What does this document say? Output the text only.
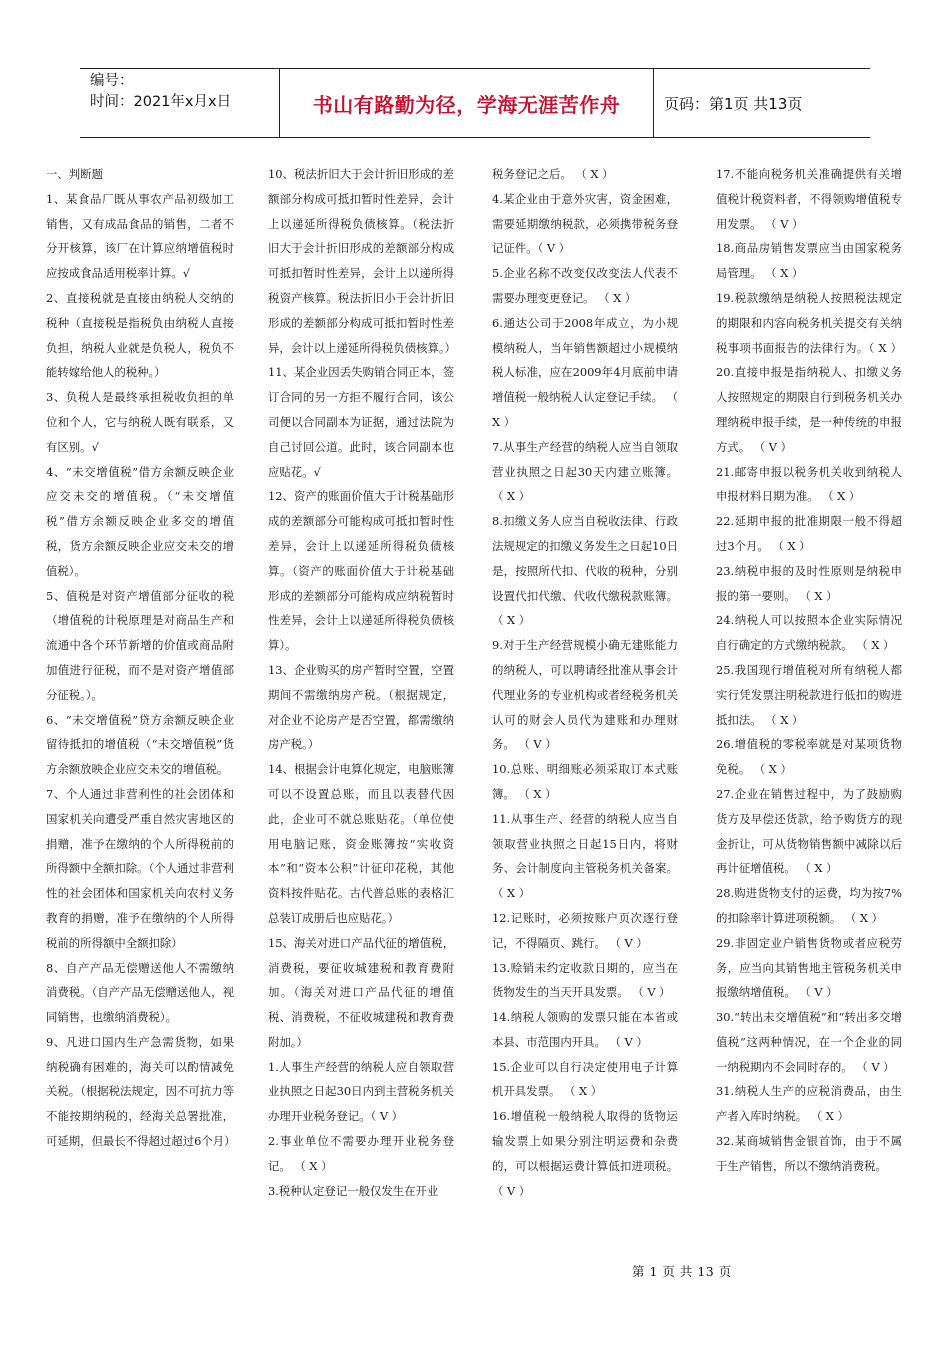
编号：
时间：2021年x月x日	书山有路勤为径，学海无涯苦作舟	页码：第1页 共13页

一、判断题

1、某食品厂既从事农产品初级加工销售，又有成品食品的销售，二者不分开核算，该厂在计算应纳增值税时应按成食品适用税率计算。√

2、直接税就是直接由纳税人交纳的税种（直接税是指税负由纳税人直接负担，纳税人业就是负税人，税负不能转嫁给他人的税种。）

3、负税人是最终承担税收负担的单位和个人，它与纳税人既有联系，又有区别。√

4、“未交增值税”借方余额反映企业应交未交的增值税。（“未交增值税”借方余额反映企业多交的增值税，货方余额反映企业应交未交的增值税）。

5、值税是对资产增值部分征收的税（增值税的计税原理是对商品生产和流通中各个环节新增的价值或商品附加值进行征税，而不是对资产增值部分征税。）。

6、“未交增值税”贷方余额反映企业留待抵扣的增值税（“未交增值税”货方余额放映企业应交未交的增值税。

7、个人通过非营利性的社会团体和国家机关向遭受严重自然灾害地区的捐赠，准予在缴纳的个人所得税前的所得额中全额扣除。（个人通过非营利性的社会团体和国家机关向农村义务教育的捐赠，准予在缴纳的个人所得税前的所得额中全额扣除）

8、自产产品无偿赠送他人不需缴纳消费税。（自产产品无偿赠送他人，视同销售，也缴纳消费税）。

9、凡进口国内生产急需货物，如果纳税确有困难的，海关可以酌情减免关税。（根据税法规定，因不可抗力等不能按期纳税的，经海关总署批准，可延期，但最长不得超过超过6个月）

10、税法折旧大于会计折旧形成的差额部分构成可抵扣暂时性差异，会计上以递延所得税负债核算。（税法折旧大于会计折旧形成的差额部分构成可抵扣暂时性差异，会计上以递所得税资产核算。税法折旧小于会计折旧形成的差额部分构成可抵扣暂时性差异，会计以上递延所得税负债核算。）

11、某企业因丢失购销合同正本，签订合同的另一方拒不履行合同，该公司便以合同副本为证据，通过法院为自己讨回公道。此时，该合同副本也应贴花。√

12、资产的账面价值大于计税基础形成的差额部分可能构成可抵扣暂时性差异，会计上以递延所得税负债核算。（资产的账面价值大于计税基础形成的差额部分可能构成应纳税暂时性差异，会计上以递延所得税负债核算）。

13、企业购买的房产暂时空置，空置期间不需缴纳房产税。（根据规定，对企业不论房产是否空置，都需缴纳房产税。）

14、根据会计电算化规定，电脑账簿可以不设置总账，而且以表替代因此，企业可不就总账贴花。（单位使用电脑记账，资金账簿按“实收资本”和“资本公积”计征印花税，其他资料按件贴花。古代普总账的表格汇总装订成册后也应贴花。）

15、海关对进口产品代征的增值税，消费税，要征收城建税和教育费附加。（海关对进口产品代征的增值税、消费税，不征收城建税和教育费附加。）

1.人事生产经营的纳税人应自领取营业执照之日起30日内到主营税务机关办理开业税务登记。（ V ）

2.事业单位不需要办理开业税务登记。 （ X ）

3.税种认定登记一般仅发生在开业

税务登记之后。 （ X ）

4.某企业由于意外灾害，资金困难，需要延期缴纳税款，必须携带税务登记证件。（ V ）

5.企业名称不改变仅改变法人代表不需要办理变更登记。 （ X ）

6.通达公司于2008年成立，为小规模纳税人，当年销售额超过小规模纳税人标准，应在2009年4月底前申请增值税一般纳税人认定登记手续。 （ X ）

7.从事生产经营的纳税人应当自领取营业执照之日起30天内建立账簿。 （ X ）

8.扣缴义务人应当自税收法律、行政法规规定的扣缴义务发生之日起10日是，按照所代扣、代收的税种，分别设置代扣代缴、代收代缴税款账簿。 （ X ）

9.对于生产经营规模小确无建账能力的纳税人，可以聘请经批准从事会计代理业务的专业机构或者经税务机关认可的财会人员代为建账和办理财务。 （ V ）

10.总账、明细账必须采取订本式账簿。 （ X ）

11.从事生产、经营的纳税人应当自领取营业执照之日起15日内，将财务、会计制度向主管税务机关备案。 （ X ）

12.记账时，必须按账户页次逐行登记，不得隔页、跳行。 （ V ）

13.赊销未约定收款日期的，应当在货物发生的当天开具发票。 （ V ）

14.纳税人领购的发票只能在本省或本县、市范围内开具。 （ V ）

15.企业可以自行决定使用电子计算机开具发票。 （ X ）

16.增值税一般纳税人取得的货物运输发票上如果分别注明运费和杂费的，可以根据运费计算低扣进项税。（ V ）

17.不能向税务机关准确提供有关增值税计税资料者，不得领购增值税专用发票。 （ V ）

18.商品房销售发票应当由国家税务局管理。 （ X ）

19.税款缴纳是纳税人按照税法规定的期限和内容向税务机关提交有关纳税事项书面报告的法律行为。（ X ）20.直接申报是指纳税人、扣缴义务人按照规定的期限自行到税务机关办理纳税申报手续，是一种传统的申报方式。 （ V ）

21.邮寄申报以税务机关收到纳税人申报材料日期为准。 （ X ）

22.延期申报的批准期限一般不得超过3个月。 （ X ）

23.纳税申报的及时性原则是纳税申报的第一要则。 （ X ）

24.纳税人可以按照本企业实际情况自行确定的方式缴纳税款。 （ X ）

25.我国现行增值税对所有纳税人都实行凭发票注明税款进行低扣的购进抵扣法。 （ X ）

26.增值税的零税率就是对某项货物免税。 （ X ）

27.企业在销售过程中，为了鼓励购货方及早偿还货款，给予购货方的现金折让，可从货物销售额中减除以后再计征增值税。 （ X ）

28.购进货物支付的运费，均为按7%的扣除率计算进项税额。 （ X ）

29.非固定业户销售货物或者应税劳务，应当向其销售地主管税务机关申报缴纳增值税。 （ V ）

30.“转出未交增值税”和“转出多交增值税”这两种情况，在一个企业的同一纳税期内不会同时存的。 （ V ）

31.纳税人生产的应税消费品，由生产者入库时纳税。 （ X ）

32.某商城销售金银首饰，由于不属于生产销售，所以不缴纳消费税。

第 1 页 共 13 页
